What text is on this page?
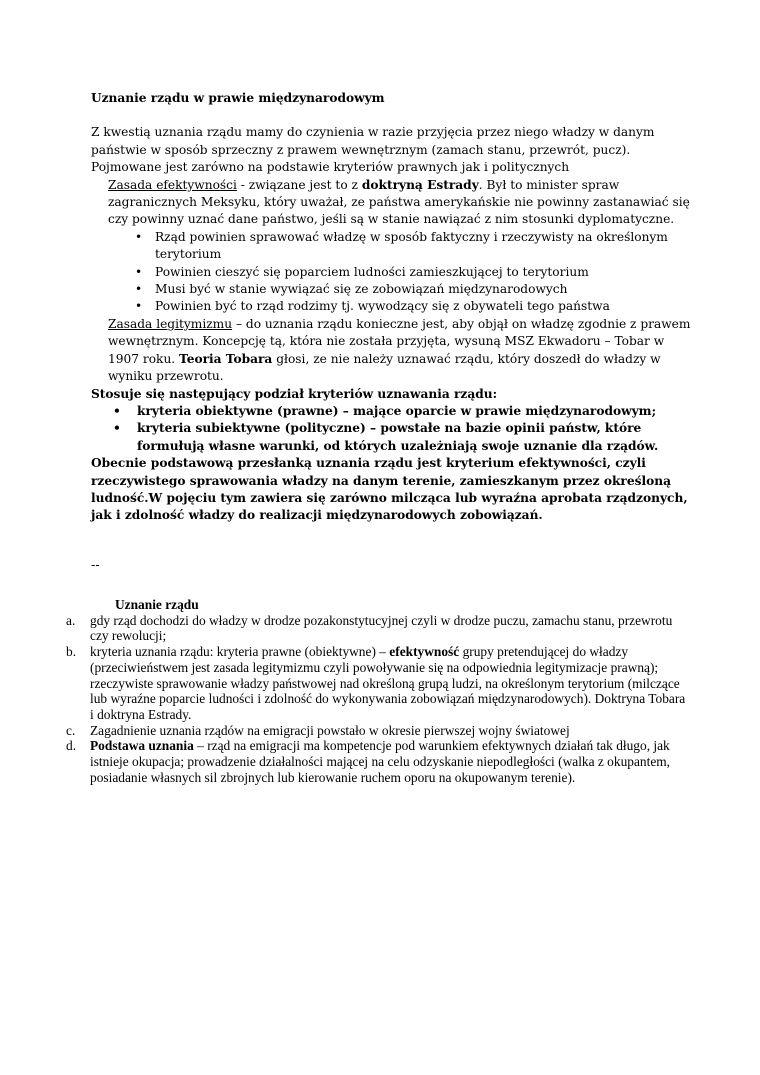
Uznanie rządu w prawie międzynarodowym

Z kwestią uznania rządu mamy do czynienia w razie przyjęcia przez niego władzy w danym państwie w sposób sprzeczny z prawem wewnętrznym (zamach stanu, przewrót, pucz).

Pojmowane jest zarówno na podstawie kryteriów prawnych jak i politycznych

Zasada efektywności - związane jest to z doktryną Estrady. Był to minister spraw zagranicznych Meksyku, który uważał, ze państwa amerykańskie nie powinny zastanawiać się czy powinny uznać dane państwo, jeśli są w stanie nawiązać z nim stosunki dyplomatyczne.

• Rząd powinien sprawować władzę w sposób faktyczny i rzeczywisty na określonym terytorium
• Powinien cieszyć się poparciem ludności zamieszkującej to terytorium
• Musi być w stanie wywiązać się ze zobowiązań międzynarodowych
• Powinien być to rząd rodzimy tj. wywodzący się z obywateli tego państwa

Zasada legitymizmu – do uznania rządu konieczne jest, aby objął on władzę zgodnie z prawem wewnętrznym. Koncepcję tą, która nie została przyjęta, wysuną MSZ Ekwadoru – Tobar w 1907 roku. Teoria Tobara głosi, ze nie należy uznawać rządu, który doszedł do władzy w wyniku przewrotu.

Stosuje się następujący podział kryteriów uznawania rządu:

• kryteria obiektywne (prawne) – mające oparcie w prawie międzynarodowym;
• kryteria subiektywne (polityczne) – powstałe na bazie opinii państw, które formułują własne warunki, od których uzależniają swoje uznanie dla rządów.

Obecnie podstawową przesłanką uznania rządu jest kryterium efektywności, czyli rzeczywistego sprawowania władzy na danym terenie, zamieszkanym przez określoną ludność.W pojęciu tym zawiera się zarówno milcząca lub wyraźna aprobata rządzonych, jak i zdolność władzy do realizacji międzynarodowych zobowiązań.

--

Uznanie rządu

a. gdy rząd dochodzi do władzy w drodze pozakonstytucyjnej czyli w drodze puczu, zamachu stanu, przewrotu czy rewolucji;
b. kryteria uznania rządu: kryteria prawne (obiektywne) – efektywność grupy pretendującej do władzy (przeciwieństwem jest zasada legitymizmu czyli powoływanie się na odpowiednia legitymizacje prawną); rzeczywiste sprawowanie władzy państwowej nad określoną grupą ludzi, na określonym terytorium (milczące lub wyraźne poparcie ludności i zdolność do wykonywania zobowiązań międzynarodowych). Doktryna Tobara i doktryna Estrady.
c. Zagadnienie uznania rządów na emigracji powstało w okresie pierwszej wojny światowej
d. Podstawa uznania – rząd na emigracji ma kompetencje pod warunkiem efektywnych działań tak długo, jak istnieje okupacja; prowadzenie działalności mającej na celu odzyskanie niepodległości (walka z okupantem, posiadanie własnych sil zbrojnych lub kierowanie ruchem oporu na okupowanym terenie).
